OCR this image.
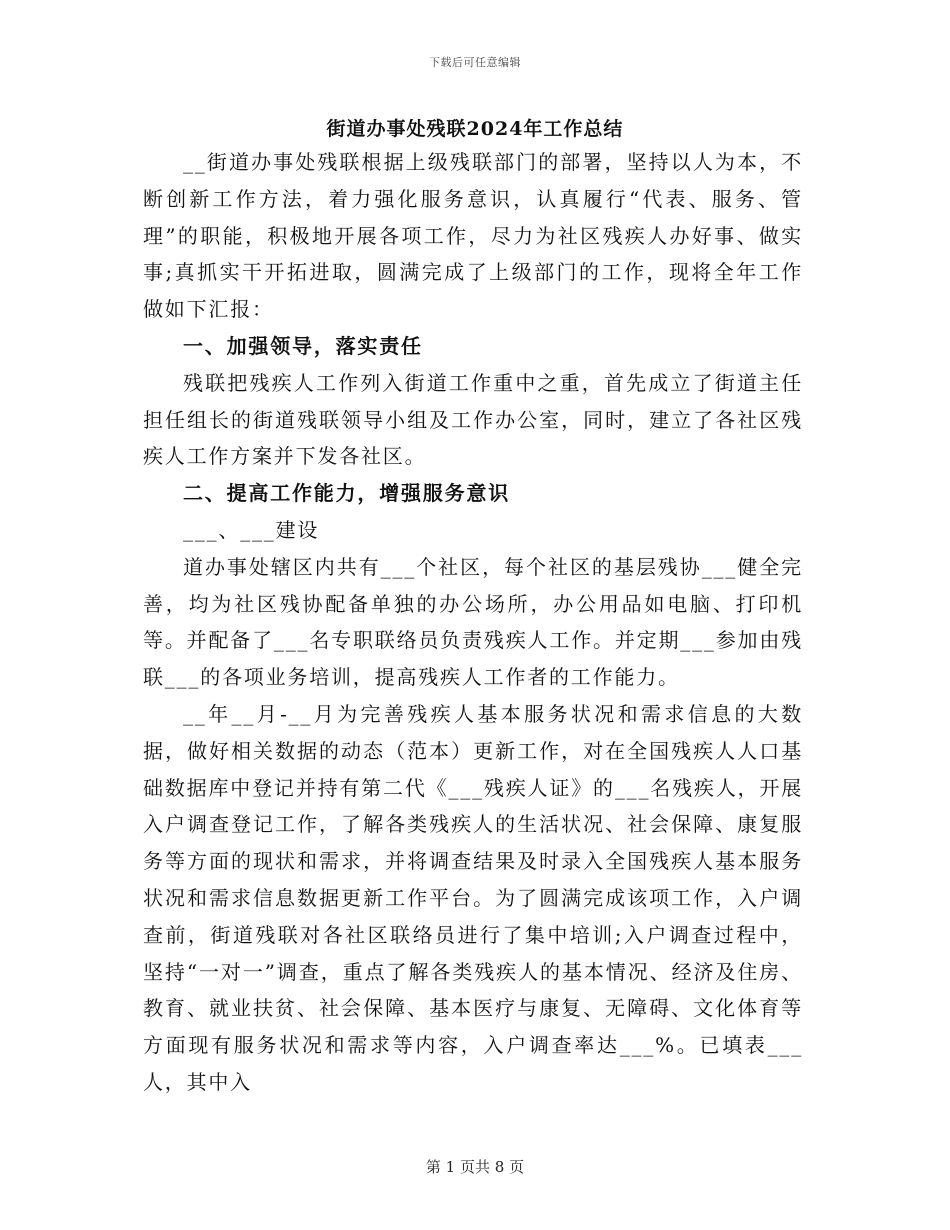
下载后可任意编辑
街道办事处残联2024年工作总结

__街道办事处残联根据上级残联部门的部署，坚持以人为本，不断创新工作方法，着力强化服务意识，认真履行“代表、服务、管理”的职能，积极地开展各项工作，尽力为社区残疾人办好事、做实事;真抓实干开拓进取，圆满完成了上级部门的工作，现将全年工作做如下汇报：

一、加强领导，落实责任

残联把残疾人工作列入街道工作重中之重，首先成立了街道主任担任组长的街道残联领导小组及工作办公室，同时，建立了各社区残疾人工作方案并下发各社区。

二、提高工作能力，增强服务意识

___、___建设

道办事处辖区内共有___个社区，每个社区的基层残协___健全完善，均为社区残协配备单独的办公场所，办公用品如电脑、打印机等。并配备了___名专职联络员负责残疾人工作。并定期___参加由残联___的各项业务培训，提高残疾人工作者的工作能力。

__年__月-__月为完善残疾人基本服务状况和需求信息的大数据，做好相关数据的动态（范本）更新工作，对在全国残疾人人口基础数据库中登记并持有第二代《___残疾人证》的___名残疾人，开展入户调查登记工作，了解各类残疾人的生活状况、社会保障、康复服务等方面的现状和需求，并将调查结果及时录入全国残疾人基本服务状况和需求信息数据更新工作平台。为了圆满完成该项工作，入户调查前，街道残联对各社区联络员进行了集中培训;入户调查过程中，坚持“一对一”调查，重点了解各类残疾人的基本情况、经济及住房、教育、就业扶贫、社会保障、基本医疗与康复、无障碍、文化体育等方面现有服务状况和需求等内容，入户调查率达___%。已填表___人，其中入

第 1 页共 8 页
